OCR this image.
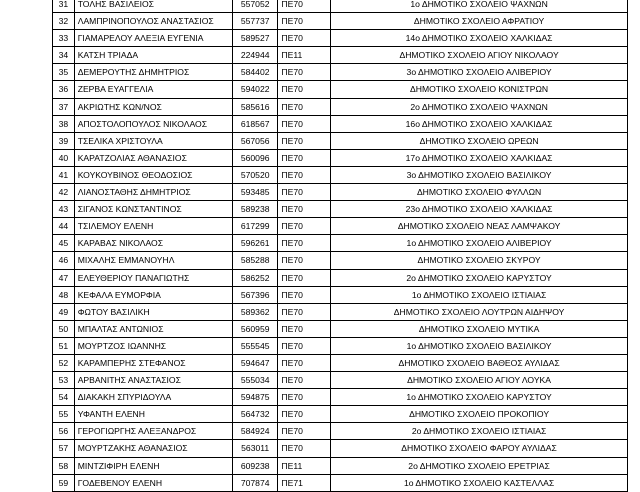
31	ΤΟΛΗΣ ΒΑΣΙΛΕΙΟΣ	557052	ΠΕ70	1ο ΔΗΜΟΤΙΚΟ ΣΧΟΛΕΙΟ ΨΑΧΝΩΝ
32	ΛΑΜΠΡΙΝΟΠΟΥΛΟΣ ΑΝΑΣΤΑΣΙΟΣ	557737	ΠΕ70	ΔΗΜΟΤΙΚΟ ΣΧΟΛΕΙΟ ΑΦΡΑΤΙΟΥ
33	ΓΙΑΜΑΡΕΛΟΥ ΑΛΕΞΙΑ ΕΥΓΕΝΙΑ	589527	ΠΕ70	14ο ΔΗΜΟΤΙΚΟ ΣΧΟΛΕΙΟ ΧΑΛΚΙΔΑΣ
34	ΚΑΤΣΗ ΤΡΙΑΔΑ	224944	ΠΕ11	ΔΗΜΟΤΙΚΟ ΣΧΟΛΕΙΟ ΑΓΙΟΥ ΝΙΚΟΛΑΟΥ
35	ΔΕΜΕΡΟΥΤΗΣ ΔΗΜΗΤΡΙΟΣ	584402	ΠΕ70	3ο ΔΗΜΟΤΙΚΟ ΣΧΟΛΕΙΟ ΑΛΙΒΕΡΙΟΥ
36	ΖΕΡΒΑ ΕΥΑΓΓΕΛΙΑ	594022	ΠΕ70	ΔΗΜΟΤΙΚΟ ΣΧΟΛΕΙΟ ΚΟΝΙΣΤΡΩΝ
37	ΑΚΡΙΩΤΗΣ ΚΩΝ/ΝΟΣ	585616	ΠΕ70	2ο ΔΗΜΟΤΙΚΟ ΣΧΟΛΕΙΟ ΨΑΧΝΩΝ
38	ΑΠΟΣΤΟΛΟΠΟΥΛΟΣ ΝΙΚΟΛΑΟΣ	618567	ΠΕ70	16ο ΔΗΜΟΤΙΚΟ ΣΧΟΛΕΙΟ ΧΑΛΚΙΔΑΣ
39	ΤΣΕΛΙΚΑ ΧΡΙΣΤΟΥΛΑ	567056	ΠΕ70	ΔΗΜΟΤΙΚΟ ΣΧΟΛΕΙΟ ΩΡΕΩΝ
40	ΚΑΡΑΤΖΟΛΙΑΣ ΑΘΑΝΑΣΙΟΣ	560096	ΠΕ70	17ο ΔΗΜΟΤΙΚΟ ΣΧΟΛΕΙΟ ΧΑΛΚΙΔΑΣ
41	ΚΟΥΚΟΥΒΙΝΟΣ ΘΕΟΔΟΣΙΟΣ	570520	ΠΕ70	3ο ΔΗΜΟΤΙΚΟ ΣΧΟΛΕΙΟ ΒΑΣΙΛΙΚΟΥ
42	ΛΙΑΝΟΣΤΑΘΗΣ ΔΗΜΗΤΡΙΟΣ	593485	ΠΕ70	ΔΗΜΟΤΙΚΟ ΣΧΟΛΕΙΟ ΦΥΛΛΩΝ
43	ΣΙΓΑΝΟΣ ΚΩΝΣΤΑΝΤΙΝΟΣ	589238	ΠΕ70	23ο ΔΗΜΟΤΙΚΟ ΣΧΟΛΕΙΟ ΧΑΛΚΙΔΑΣ
44	ΤΣΙΛΕΜΟΥ ΕΛΕΝΗ	617299	ΠΕ70	ΔΗΜΟΤΙΚΟ ΣΧΟΛΕΙΟ ΝΕΑΣ ΛΑΜΨΑΚΟΥ
45	ΚΑΡΑΒΑΣ ΝΙΚΟΛΑΟΣ	596261	ΠΕ70	1ο ΔΗΜΟΤΙΚΟ ΣΧΟΛΕΙΟ ΑΛΙΒΕΡΙΟΥ
46	ΜΙΧΑΛΗΣ ΕΜΜΑΝΟΥΗΛ	585288	ΠΕ70	ΔΗΜΟΤΙΚΟ ΣΧΟΛΕΙΟ ΣΚΥΡΟΥ
47	ΕΛΕΥΘΕΡΙΟΥ ΠΑΝΑΓΙΩΤΗΣ	586252	ΠΕ70	2ο ΔΗΜΟΤΙΚΟ ΣΧΟΛΕΙΟ ΚΑΡΥΣΤΟΥ
48	ΚΕΦΑΛΑ ΕΥΜΟΡΦΙΑ	567396	ΠΕ70	1ο ΔΗΜΟΤΙΚΟ ΣΧΟΛΕΙΟ ΙΣΤΙΑΙΑΣ
49	ΦΩΤΟΥ ΒΑΣΙΛΙΚΗ	589362	ΠΕ70	ΔΗΜΟΤΙΚΟ ΣΧΟΛΕΙΟ ΛΟΥΤΡΩΝ ΑΙΔΗΨΟΥ
50	ΜΠΑΛΤΑΣ ΑΝΤΩΝΙΟΣ	560959	ΠΕ70	ΔΗΜΟΤΙΚΟ ΣΧΟΛΕΙΟ ΜΥΤΙΚΑ
51	ΜΟΥΡΤΖΟΣ ΙΩΑΝΝΗΣ	555545	ΠΕ70	1ο ΔΗΜΟΤΙΚΟ ΣΧΟΛΕΙΟ ΒΑΣΙΛΙΚΟΥ
52	ΚΑΡΑΜΠΕΡΗΣ ΣΤΕΦΑΝΟΣ	594647	ΠΕ70	ΔΗΜΟΤΙΚΟ ΣΧΟΛΕΙΟ ΒΑΘΕΟΣ ΑΥΛΙΔΑΣ
53	ΑΡΒΑΝΙΤΗΣ ΑΝΑΣΤΑΣΙΟΣ	555034	ΠΕ70	ΔΗΜΟΤΙΚΟ ΣΧΟΛΕΙΟ ΑΓΙΟΥ ΛΟΥΚΑ
54	ΔΙΑΚΑΚΗ ΣΠΥΡΙΔΟΥΛΑ	594875	ΠΕ70	1ο ΔΗΜΟΤΙΚΟ ΣΧΟΛΕΙΟ ΚΑΡΥΣΤΟΥ
55	ΥΦΑΝΤΗ ΕΛΕΝΗ	564732	ΠΕ70	ΔΗΜΟΤΙΚΟ ΣΧΟΛΕΙΟ ΠΡΟΚΟΠΙΟΥ
56	ΓΕΡΟΓΙΩΡΓΗΣ ΑΛΕΞΑΝΔΡΟΣ	584924	ΠΕ70	2ο ΔΗΜΟΤΙΚΟ ΣΧΟΛΕΙΟ ΙΣΤΙΑΙΑΣ
57	ΜΟΥΡΤΖΑΚΗΣ ΑΘΑΝΑΣΙΟΣ	563011	ΠΕ70	ΔΗΜΟΤΙΚΟ ΣΧΟΛΕΙΟ ΦΑΡΟΥ ΑΥΛΙΔΑΣ
58	ΜΙΝΤΖΙΦΙΡΗ ΕΛΕΝΗ	609238	ΠΕ11	2ο ΔΗΜΟΤΙΚΟ ΣΧΟΛΕΙΟ ΕΡΕΤΡΙΑΣ
59	ΓΟΔΕΒΕΝΟΥ ΕΛΕΝΗ	707874	ΠΕ71	1ο ΔΗΜΟΤΙΚΟ ΣΧΟΛΕΙΟ ΚΑΣΤΕΛΛΑΣ
